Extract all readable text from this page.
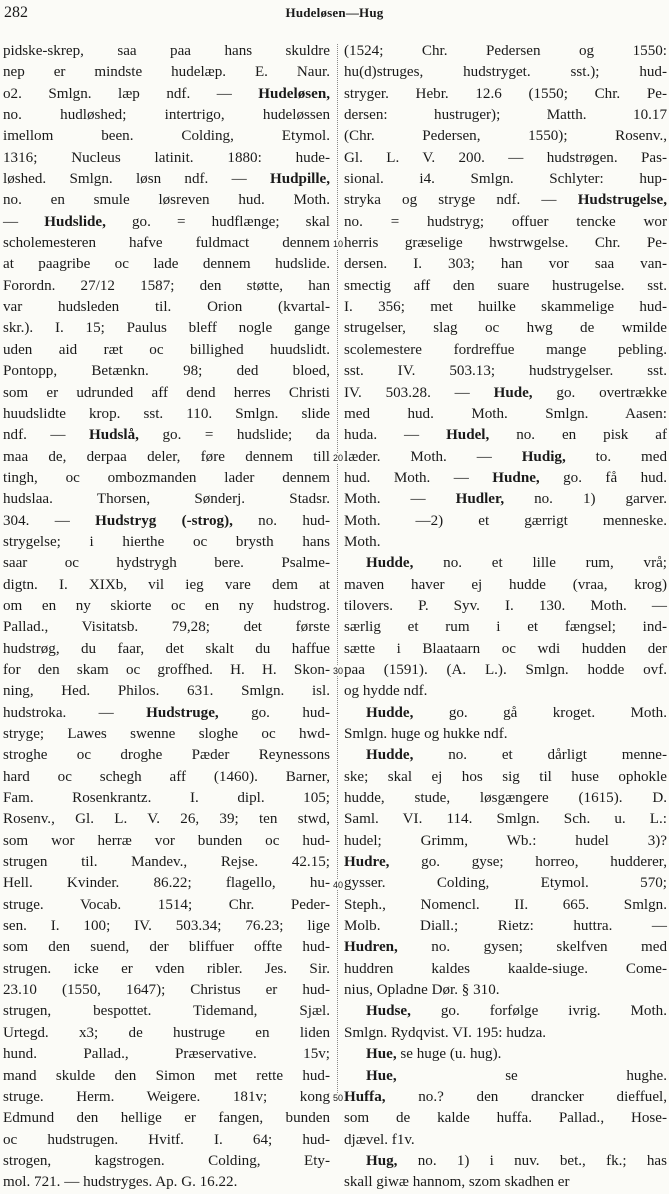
282	Hudeløsen—Hug
pidske-skrep, saa paa hans skuldre
nep er mindste hudelæp. E. Naur.
o2. Smlgn. læp ndf. — Hudeløsen,
no. hudløshed; intertrigo, hudeløssen
imellom been. Colding, Etymol.
1316; Nucleus latinit. 1880: hude-
løshed. Smlgn. løsn ndf. — Hudpille,
no. en smule løsreven hud. Moth.
— Hudslide, go. = hudflænge; skal
scholemesteren hafve fuldmact dennem
at paagribe oc lade dennem hudslide.
Forordn. 27/12 1587; den støtte, han
var hudsleden til. Orion (kvartal-
skr.). I. 15; Paulus bleff nogle gange
uden aid ræt oc billighed huudslidt.
Pontopp, Betænkn. 98; ded bloed,
som er udrunded aff dend herres Christi
huudslidte krop. sst. 110. Smlgn. slide
ndf. — Hudslå, go. = hudslide; da
maa de, derpaa deler, føre dennem till
tingh, oc ombozmanden lader dennem
hudslaa. Thorsen, Sønderj. Stadsr.
304. — Hudstryg (-strog), no. hud-
strygelse; i hierthe oc brysth hans
saar oc hydstrygh bere. Psalme-
digtn. I. XIXb, vil ieg vare dem at
om en ny skiorte oc en ny hudstrog.
Pallad., Visitatsb. 79,28; det første
hudstrøg, du faar, det skalt du haffue
for den skam oc groffhed. H. H. Skon-
ning, Hed. Philos. 631. Smlgn. isl.
hudstroka. — Hudstruge, go. hud-
stryge; Lawes swenne sloghe oc hwd-
stroghe oc droghe Pæder Reynessons
hard oc schegh aff (1460). Barner,
Fam. Rosenkrantz. I. dipl. 105;
Rosenv., Gl. L. V. 26, 39; ten stwd,
som wor herræ vor bunden oc hud-
strugen til. Mandev., Rejse. 42.15;
Hell. Kvinder. 86.22; flagello, hu-
struge. Vocab. 1514; Chr. Peder-
sen. I. 100; IV. 503.34; 76.23; lige
som den suend, der bliffuer offte hud-
strugen. icke er vden ribler. Jes. Sir.
23.10 (1550, 1647); Christus er hud-
strugen, bespottet. Tidemand, Sjæl.
Urtegd. x3; de hustruge en liden
hund. Pallad., Præservative. 15v;
mand skulde den Simon met rette hud-
struge. Herm. Weigere. 181v; kong
Edmund den hellige er fangen, bunden
oc hudstrugen. Hvitf. I. 64; hud-
strogen, kagstrogen. Colding, Ety-
mol. 721. — hudstryges. Ap. G. 16.22.
10
20
30
40
50
(1524; Chr. Pedersen og 1550:
hu(d)struges, hudstryget. sst.); hud-
stryger. Hebr. 12.6 (1550; Chr. Pe-
dersen: hustruger); Matth. 10.17
(Chr. Pedersen, 1550); Rosenv.,
Gl. L. V. 200. — hudstrøgen. Pas-
sional. i4. Smlgn. Schlyter: hup-
stryka og stryge ndf. — Hudstrugelse,
no. = hudstryg; offuer tencke wor
herris græselige hwstrwgelse. Chr. Pe-
dersen. I. 303; han vor saa van-
smectig aff den suare hustrugelse. sst.
I. 356; met huilke skammelige hud-
strugelser, slag oc hwg de wmilde
scolemestere fordreffue mange pebling.
sst. IV. 503.13; hudstrygelser. sst.
IV. 503.28. — Hude, go. overtrække
med hud. Moth. Smlgn. Aasen:
huda. — Hudel, no. en pisk af
læder. Moth. — Hudig, to. med
hud. Moth. — Hudne, go. få hud.
Moth. — Hudler, no. 1) garver.
Moth. —2) et gærrigt menneske.
Moth.
Hudde, no. et lille rum, vrå;
maven haver ej hudde (vraa, krog)
tilovers. P. Syv. I. 130. Moth. —
særlig et rum i et fængsel; ind-
sætte i Blaataarn oc wdi hudden der
paa (1591). (A. L.). Smlgn. hodde ovf.
og hydde ndf.
Hudde, go. gå kroget. Moth.
Smlgn. huge og hukke ndf.
Hudde, no. et dårligt menne-
ske; skal ej hos sig til huse ophokle
hudde, stude, løsgængere (1615). D.
Saml. VI. 114. Smlgn. Sch. u. L.:
hudel; Grimm, Wb.: hudel 3)?
Hudre, go. gyse; horreo, hudderer,
gysser. Colding, Etymol. 570;
Steph., Nomencl. II. 665. Smlgn.
Molb. Diall.; Rietz: huttra. —
Hudren, no. gysen; skelfven med
huddren kaldes kaalde-siuge. Come-
nius, Opladne Dør. § 310.
Hudse, go. forfølge ivrig. Moth.
Smlgn. Rydqvist. VI. 195: hudza.
Hue, se huge (u. hug).
Hue, se hughe.
Huffa, no.? den drancker dieffuel,
som de kalde huffa. Pallad., Hose-
djævel. f1v.
Hug, no. 1) i nuv. bet., fk.; has
skall giwæ hannom, szom skadhen er
